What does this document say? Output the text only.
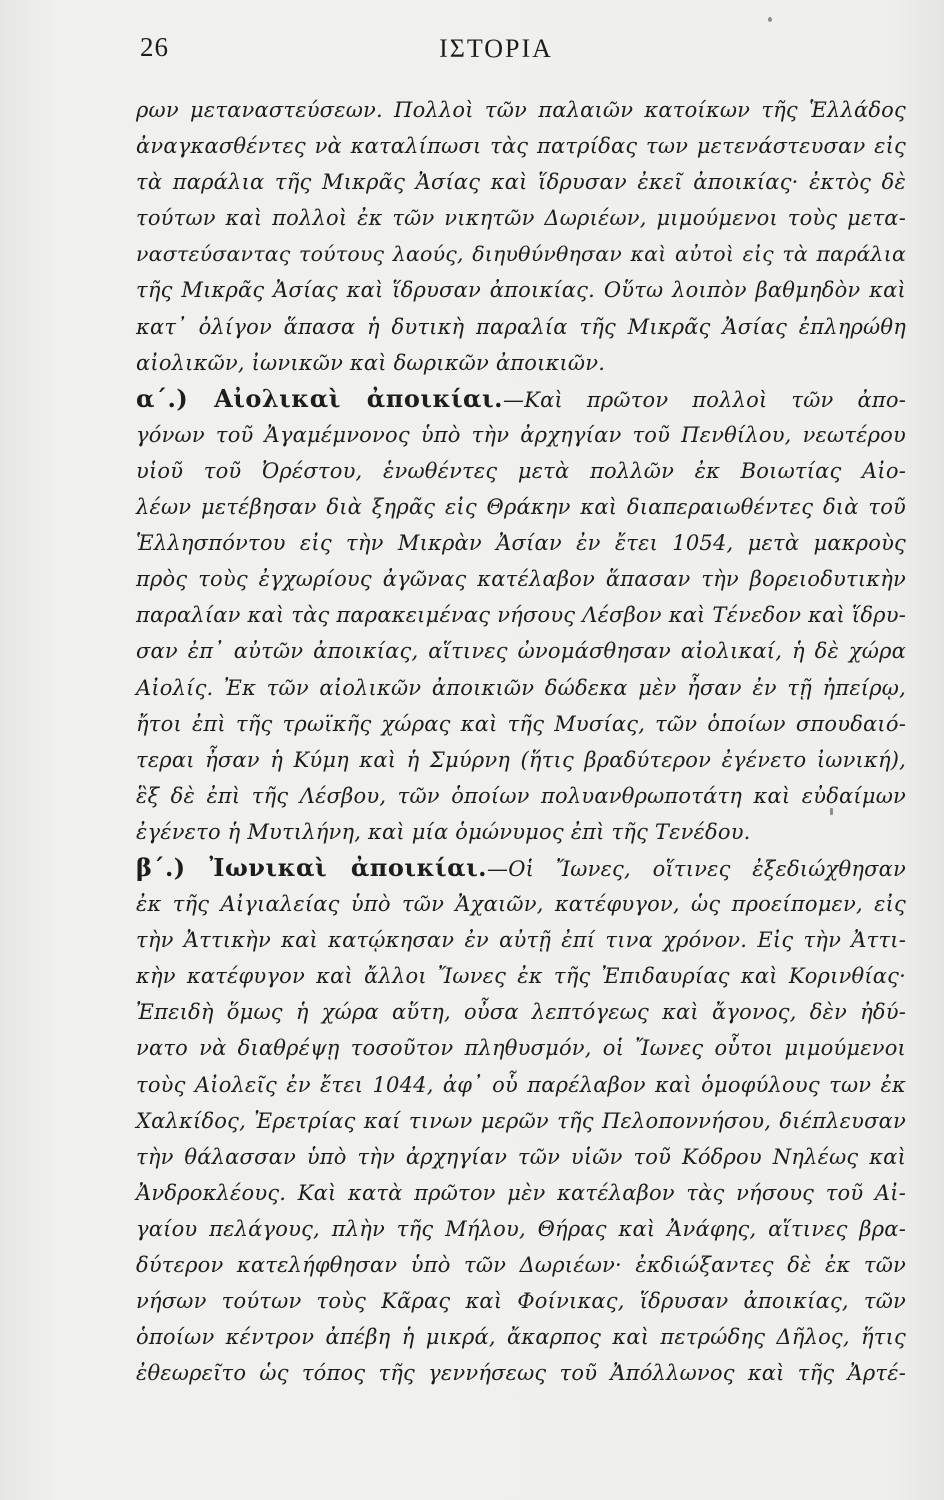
26	ΙΣΤΟΡΙΑ
ρων μεταναστεύσεων. Πολλοὶ τῶν παλαιῶν κατοίκων τῆς Ἑλλάδος
ἀναγκασθέντες νὰ καταλίπωσι τὰς πατρίδας των μετενάστευσαν εἰς
τὰ παράλια τῆς Μικρᾶς Ἀσίας καὶ ἵδρυσαν ἐκεῖ ἀποικίας· ἐκτὸς δὲ
τούτων καὶ πολλοὶ ἐκ τῶν νικητῶν Δωριέων, μιμούμενοι τοὺς μετα-
ναστεύσαντας τούτους λαούς, διηυθύνθησαν καὶ αὐτοὶ εἰς τὰ παράλια
τῆς Μικρᾶς Ἀσίας καὶ ἵδρυσαν ἀποικίας. Οὕτω λοιπὸν βαθμηδὸν καὶ
κατ᾽ ὀλίγον ἅπασα ἡ δυτικὴ παραλία τῆς Μικρᾶς Ἀσίας ἐπληρώθη
αἰολικῶν, ἰωνικῶν καὶ δωρικῶν ἀποικιῶν.
α΄.) Αἰολικαὶ ἀποικίαι.—Καὶ πρῶτον πολλοὶ τῶν ἀπο-
γόνων τοῦ Ἀγαμέμνονος ὑπὸ τὴν ἀρχηγίαν τοῦ Πενθίλου, νεωτέρου
υἱοῦ τοῦ Ὀρέστου, ἑνωθέντες μετὰ πολλῶν ἐκ Βοιωτίας Αἰο-
λέων μετέβησαν διὰ ξηρᾶς εἰς Θράκην καὶ διαπεραιωθέντες διὰ τοῦ
Ἑλλησπόντου εἰς τὴν Μικρὰν Ἀσίαν ἐν ἔτει 1054, μετὰ μακροὺς
πρὸς τοὺς ἐγχωρίους ἀγῶνας κατέλαβον ἅπασαν τὴν βορειοδυτικὴν
παραλίαν καὶ τὰς παρακειμένας νήσους Λέσβον καὶ Τένεδον καὶ ἵδρυ-
σαν ἐπ᾽ αὐτῶν ἀποικίας, αἵτινες ὠνομάσθησαν αἰολικαί, ἡ δὲ χώρα
Αἰολίς. Ἐκ τῶν αἰολικῶν ἀποικιῶν δώδεκα μὲν ἦσαν ἐν τῇ ἠπείρῳ,
ἤτοι ἐπὶ τῆς τρωϊκῆς χώρας καὶ τῆς Μυσίας, τῶν ὁποίων σπουδαιό-
τεραι ἦσαν ἡ Κύμη καὶ ἡ Σμύρνη (ἥτις βραδύτερον ἐγένετο ἰωνική),
ἓξ δὲ ἐπὶ τῆς Λέσβου, τῶν ὁποίων πολυανθρωποτάτη καὶ εὐδαίμων
ἐγένετο ἡ Μυτιλήνη, καὶ μία ὁμώνυμος ἐπὶ τῆς Τενέδου.
β΄.) Ἰωνικαὶ ἀποικίαι.—Οἱ Ἴωνες, οἵτινες ἐξεδιώχθησαν
ἐκ τῆς Αἰγιαλείας ὑπὸ τῶν Ἀχαιῶν, κατέφυγον, ὡς προείπομεν, εἰς
τὴν Ἀττικὴν καὶ κατῴκησαν ἐν αὐτῇ ἐπί τινα χρόνον. Εἰς τὴν Ἀττι-
κὴν κατέφυγον καὶ ἄλλοι Ἴωνες ἐκ τῆς Ἐπιδαυρίας καὶ Κορινθίας·
Ἐπειδὴ ὅμως ἡ χώρα αὕτη, οὖσα λεπτόγεως καὶ ἄγονος, δὲν ἠδύ-
νατο νὰ διαθρέψῃ τοσοῦτον πληθυσμόν, οἱ Ἴωνες οὗτοι μιμούμενοι
τοὺς Αἰολεῖς ἐν ἔτει 1044, ἀφ᾽ οὗ παρέλαβον καὶ ὁμοφύλους των ἐκ
Χαλκίδος, Ἐρετρίας καί τινων μερῶν τῆς Πελοποννήσου, διέπλευσαν
τὴν θάλασσαν ὑπὸ τὴν ἀρχηγίαν τῶν υἱῶν τοῦ Κόδρου Νηλέως καὶ
Ἀνδροκλέους. Καὶ κατὰ πρῶτον μὲν κατέλαβον τὰς νήσους τοῦ Αἰ-
γαίου πελάγους, πλὴν τῆς Μήλου, Θήρας καὶ Ἀνάφης, αἵτινες βρα-
δύτερον κατελήφθησαν ὑπὸ τῶν Δωριέων· ἐκδιώξαντες δὲ ἐκ τῶν
νήσων τούτων τοὺς Κᾶρας καὶ Φοίνικας, ἵδρυσαν ἀποικίας, τῶν
ὁποίων κέντρον ἀπέβη ἡ μικρά, ἄκαρπος καὶ πετρώδης Δῆλος, ἥτις
ἐθεωρεῖτο ὡς τόπος τῆς γεννήσεως τοῦ Ἀπόλλωνος καὶ τῆς Ἀρτέ-
